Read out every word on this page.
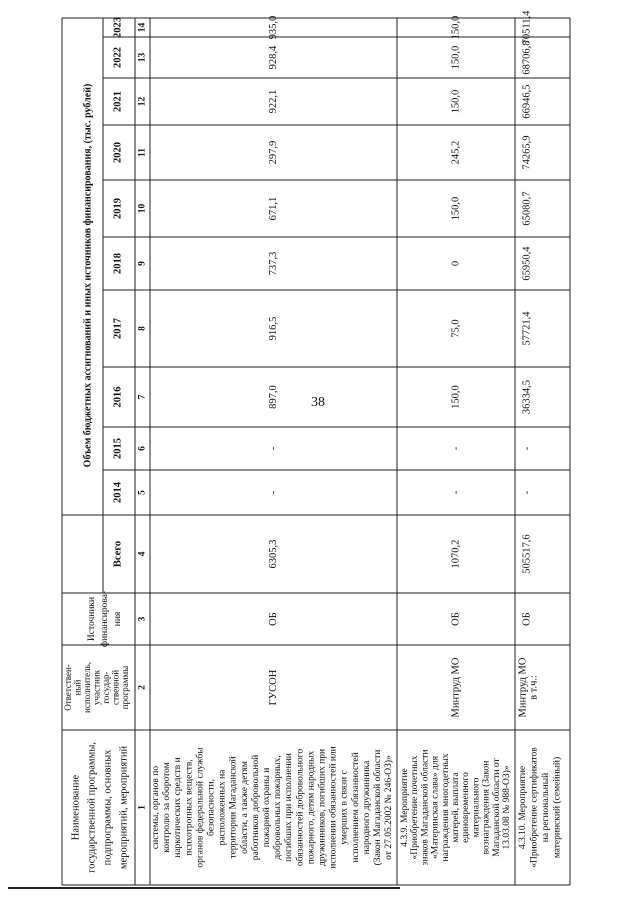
38
Наименование государственной программы, подпрограммы, основных мероприятий, мероприятий
Ответствен- ный исполнитель, участник государ- ственной программы
Источники финансирова- ния
Объем бюджетных ассигнований и иных источников финансирования, (тыс. рублей)
Всего
2014
2015
2016
2017
2018
2019
2020
2021
2022
2023
1
2
3
4
5
6
7
8
9
10
11
12
13
14
системы, органов по контролю за оборотом наркотических средств и психотропных веществ, органов федеральной службы безопасности, расположенных на территории Магаданской области, а также детям работников добровольной пожарной охраны и добровольных пожарных, погибших при исполнении обязанностей добровольного пожарного, детям народных дружинников, погибших при исполнении обязанностей или умерших в связи с исполнением обязанностей народного дружинника (Закон Магаданской области от 27.05.2002 № 246-ОЗ)»
ГУСОН
ОБ
6305,3
-
-
897,0
916,5
737,3
671,1
297,9
922,1
928,4
935,0
4.3.9. Мероприятие «Приобретение почетных знаков Магаданской области «Материнская слава» для награждения многодетных матерей, выплата единовременного материального вознаграждения (Закон Магаданской области от 13.03.08 № 988-ОЗ)»
Минтруд МО
ОБ
1070,2
-
-
150,0
75,0
0
150,0
245,2
150,0
150,0
150,0
4.3.10. Мероприятие «Приобретение сертификатов на региональный материнский (семейный)
Минтруд МО в т.ч.:
ОБ
505517,6
-
-
36334,5
57721,4
65950,4
65080,7
74265,9
66946,5
68706,8
70511,4
